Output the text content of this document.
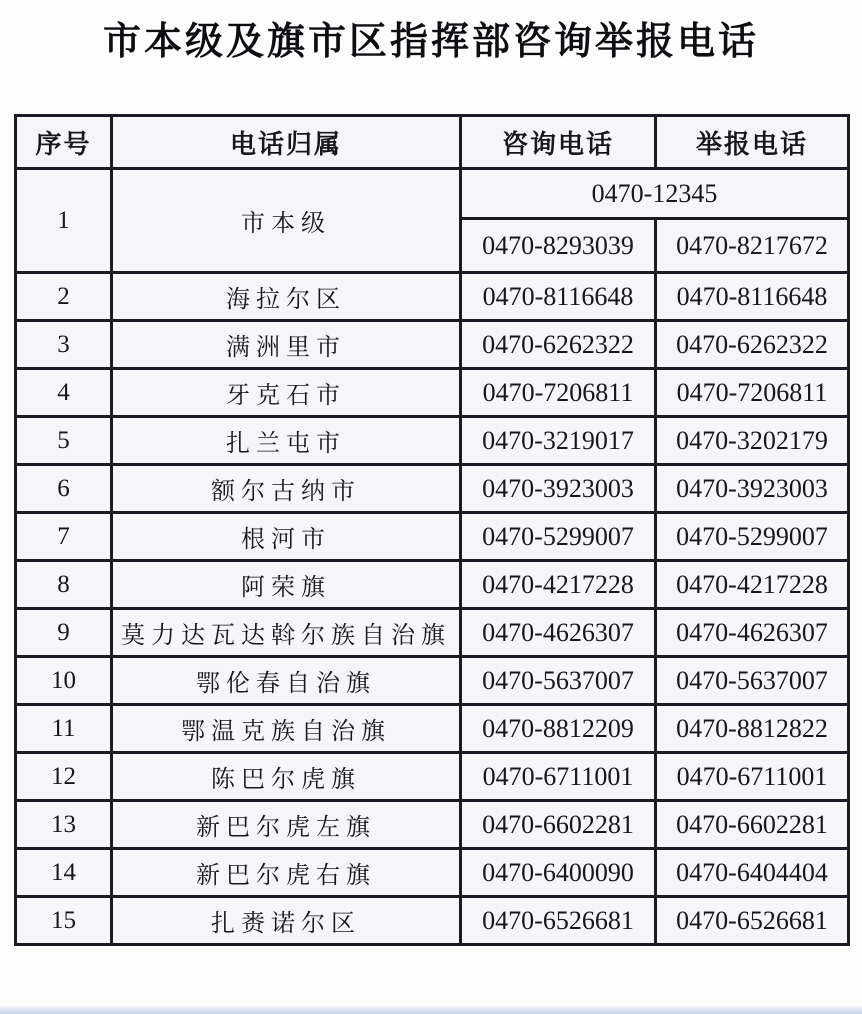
市本级及旗市区指挥部咨询举报电话
序号	电话归属	咨询电话	举报电话
1	市本级	0470-12345	
		0470-8293039	0470-8217672
2	海拉尔区	0470-8116648	0470-8116648
3	满洲里市	0470-6262322	0470-6262322
4	牙克石市	0470-7206811	0470-7206811
5	扎兰屯市	0470-3219017	0470-3202179
6	额尔古纳市	0470-3923003	0470-3923003
7	根河市	0470-5299007	0470-5299007
8	阿荣旗	0470-4217228	0470-4217228
9	莫力达瓦达斡尔族自治旗	0470-4626307	0470-4626307
10	鄂伦春自治旗	0470-5637007	0470-5637007
11	鄂温克族自治旗	0470-8812209	0470-8812822
12	陈巴尔虎旗	0470-6711001	0470-6711001
13	新巴尔虎左旗	0470-6602281	0470-6602281
14	新巴尔虎右旗	0470-6400090	0470-6404404
15	扎赉诺尔区	0470-6526681	0470-6526681
